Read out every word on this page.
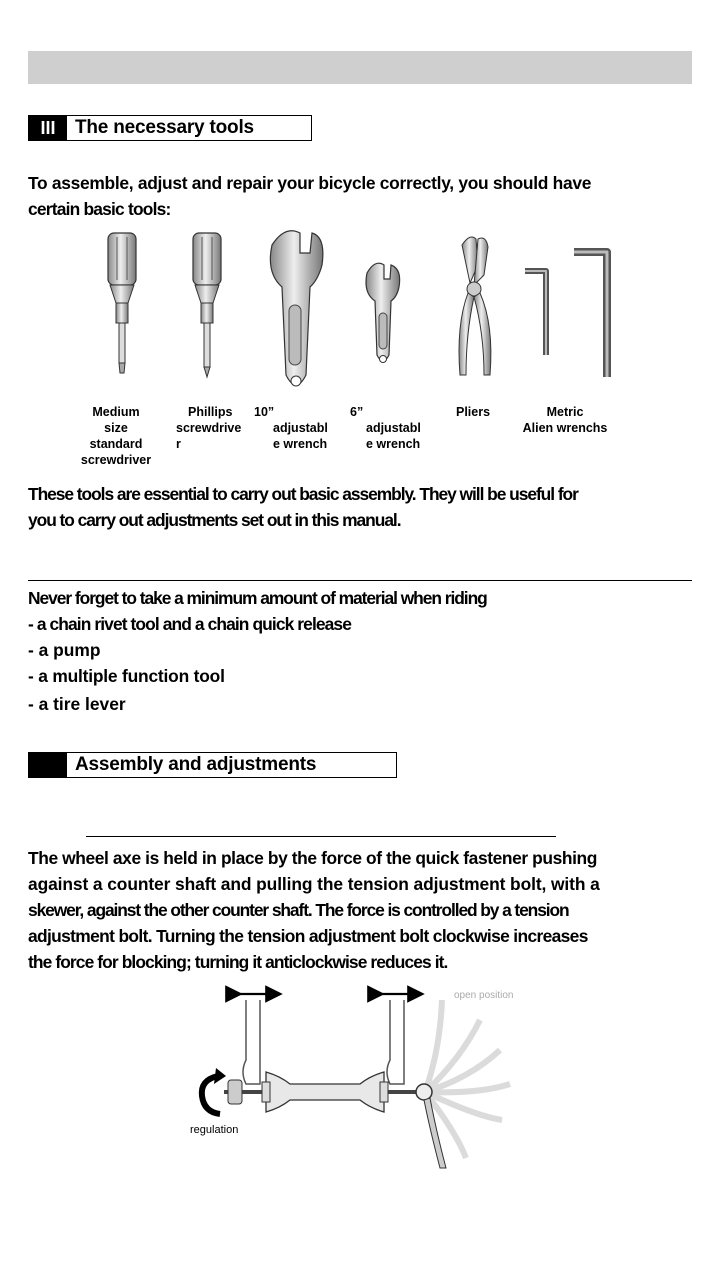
III	The necessary tools
To assemble, adjust and repair your bicycle correctly, you should have
certain basic tools:
Medium
size
standard
screwdriver
Phillips
screwdrive
r
10”
adjustabl
e wrench
6”
adjustabl
e wrench
Pliers	Metric
Alien wrenchs
These tools are essential to carry out basic assembly. They will be useful for
you to carry out adjustments set out in this manual.
Never forget to take a minimum amount of material when riding
- a chain rivet tool and a chain quick release
- a pump
- a multiple function tool
- a tire lever
Assembly and adjustments
The wheel axe is held in place by the force of the quick fastener pushing
against a counter shaft and pulling the tension adjustment bolt, with a
skewer, against the other counter shaft. The force is controlled by a tension
adjustment bolt. Turning the tension adjustment bolt clockwise increases
the force for blocking; turning it anticlockwise reduces it.
open position
regulation
